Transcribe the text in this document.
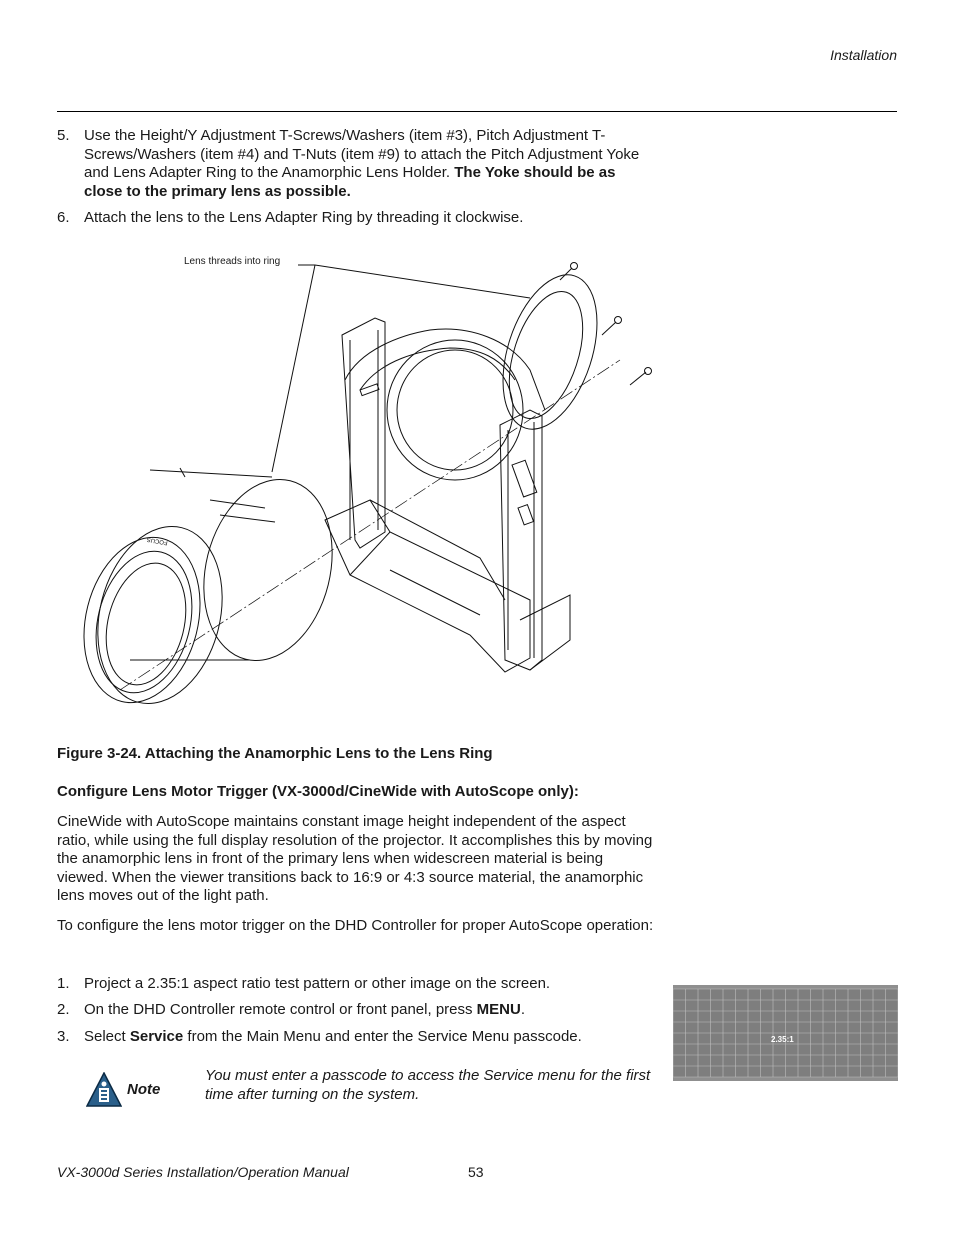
Installation
5. Use the Height/Y Adjustment T-Screws/Washers (item #3), Pitch Adjustment T-Screws/Washers (item #4) and T-Nuts (item #9) to attach the Pitch Adjustment Yoke and Lens Adapter Ring to the Anamorphic Lens Holder. The Yoke should be as close to the primary lens as possible.
6. Attach the lens to the Lens Adapter Ring by threading it clockwise.
Lens threads into ring
FOCUS
Figure 3-24. Attaching the Anamorphic Lens to the Lens Ring
Configure Lens Motor Trigger (VX-3000d/CineWide with AutoScope only):
CineWide with AutoScope maintains constant image height independent of the aspect ratio, while using the full display resolution of the projector. It accomplishes this by moving the anamorphic lens in front of the primary lens when widescreen material is being viewed. When the viewer transitions back to 16:9 or 4:3 source material, the anamorphic lens moves out of the light path.
To configure the lens motor trigger on the DHD Controller for proper AutoScope operation:
1. Project a 2.35:1 aspect ratio test pattern or other image on the screen.
2. On the DHD Controller remote control or front panel, press MENU.
3. Select Service from the Main Menu and enter the Service Menu passcode.
Note
You must enter a passcode to access the Service menu for the first time after turning on the system.
2.35:1
VX-3000d Series Installation/Operation Manual	53
